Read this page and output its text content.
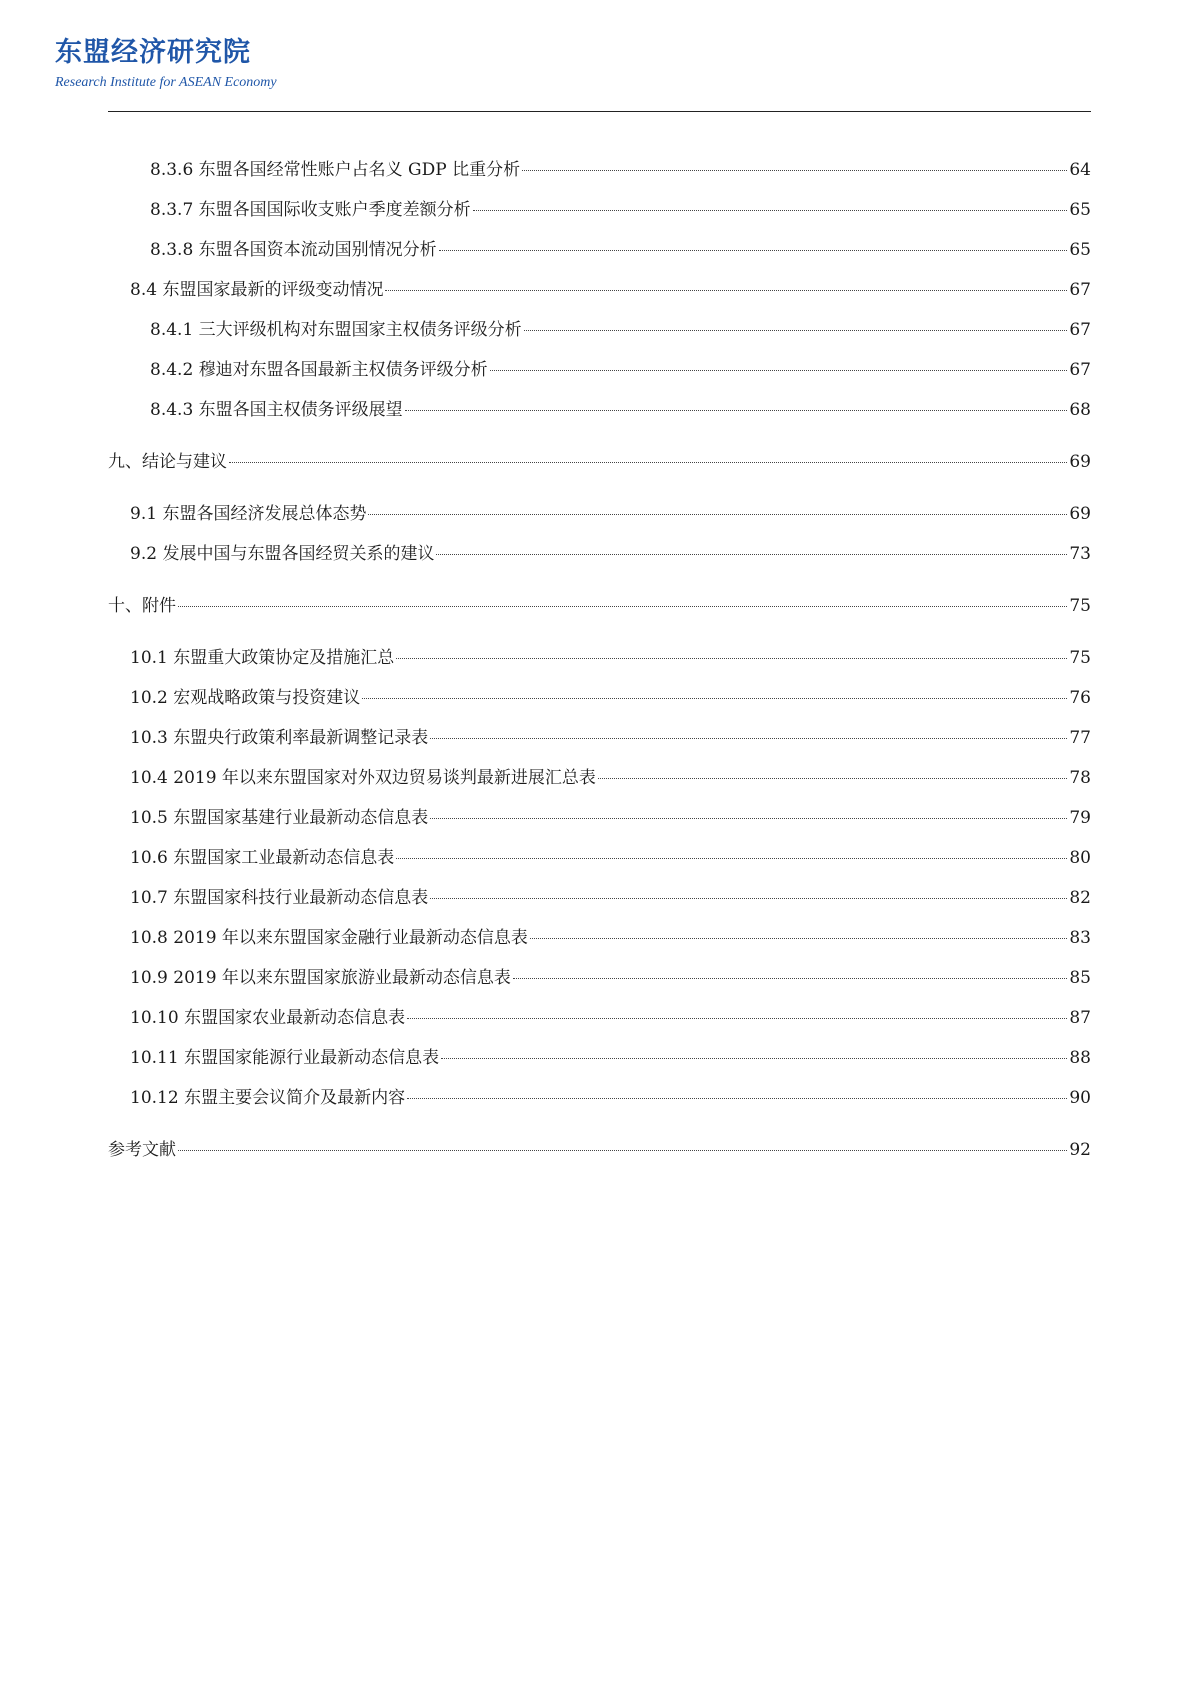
东盟经济研究院
Research Institute for ASEAN Economy
8.3.6 东盟各国经常性账户占名义 GDP 比重分析	64
8.3.7 东盟各国国际收支账户季度差额分析	65
8.3.8 东盟各国资本流动国别情况分析	65
8.4 东盟国家最新的评级变动情况	67
8.4.1 三大评级机构对东盟国家主权债务评级分析	67
8.4.2 穆迪对东盟各国最新主权债务评级分析	67
8.4.3 东盟各国主权债务评级展望	68
九、结论与建议	69
9.1 东盟各国经济发展总体态势	69
9.2 发展中国与东盟各国经贸关系的建议	73
十、附件	75
10.1 东盟重大政策协定及措施汇总	75
10.2 宏观战略政策与投资建议	76
10.3 东盟央行政策利率最新调整记录表	77
10.4 2019 年以来东盟国家对外双边贸易谈判最新进展汇总表	78
10.5 东盟国家基建行业最新动态信息表	79
10.6 东盟国家工业最新动态信息表	80
10.7 东盟国家科技行业最新动态信息表	82
10.8 2019 年以来东盟国家金融行业最新动态信息表	83
10.9 2019 年以来东盟国家旅游业最新动态信息表	85
10.10 东盟国家农业最新动态信息表	87
10.11 东盟国家能源行业最新动态信息表	88
10.12 东盟主要会议简介及最新内容	90
参考文献	92
